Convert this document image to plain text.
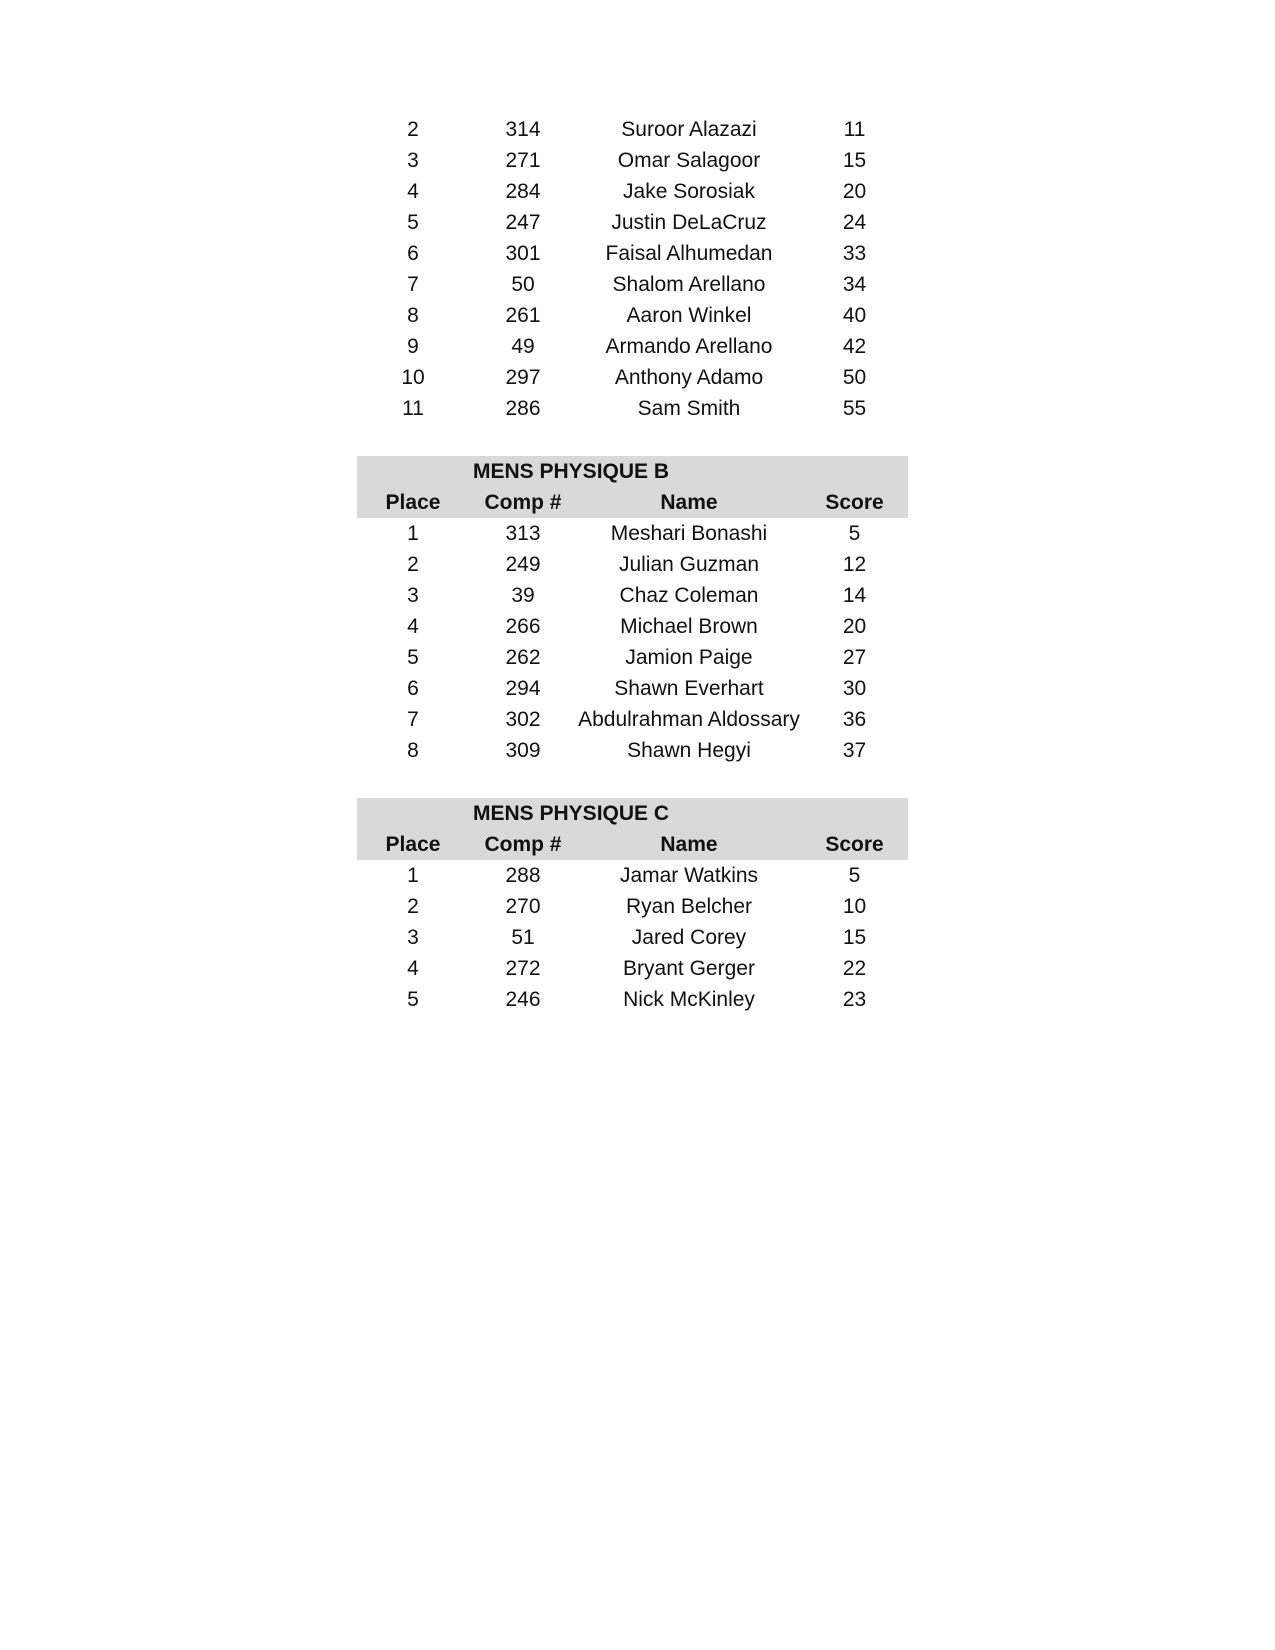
2	314	Suroor Alazazi	11
3	271	Omar Salagoor	15
4	284	Jake Sorosiak	20
5	247	Justin DeLaCruz	24
6	301	Faisal Alhumedan	33
7	50	Shalom Arellano	34
8	261	Aaron Winkel	40
9	49	Armando Arellano	42
10	297	Anthony Adamo	50
11	286	Sam Smith	55
MENS PHYSIQUE B
Place	Comp #	Name	Score
1	313	Meshari Bonashi	5
2	249	Julian Guzman	12
3	39	Chaz Coleman	14
4	266	Michael Brown	20
5	262	Jamion Paige	27
6	294	Shawn Everhart	30
7	302	Abdulrahman Aldossary	36
8	309	Shawn Hegyi	37
MENS PHYSIQUE C
Place	Comp #	Name	Score
1	288	Jamar Watkins	5
2	270	Ryan Belcher	10
3	51	Jared Corey	15
4	272	Bryant Gerger	22
5	246	Nick McKinley	23
